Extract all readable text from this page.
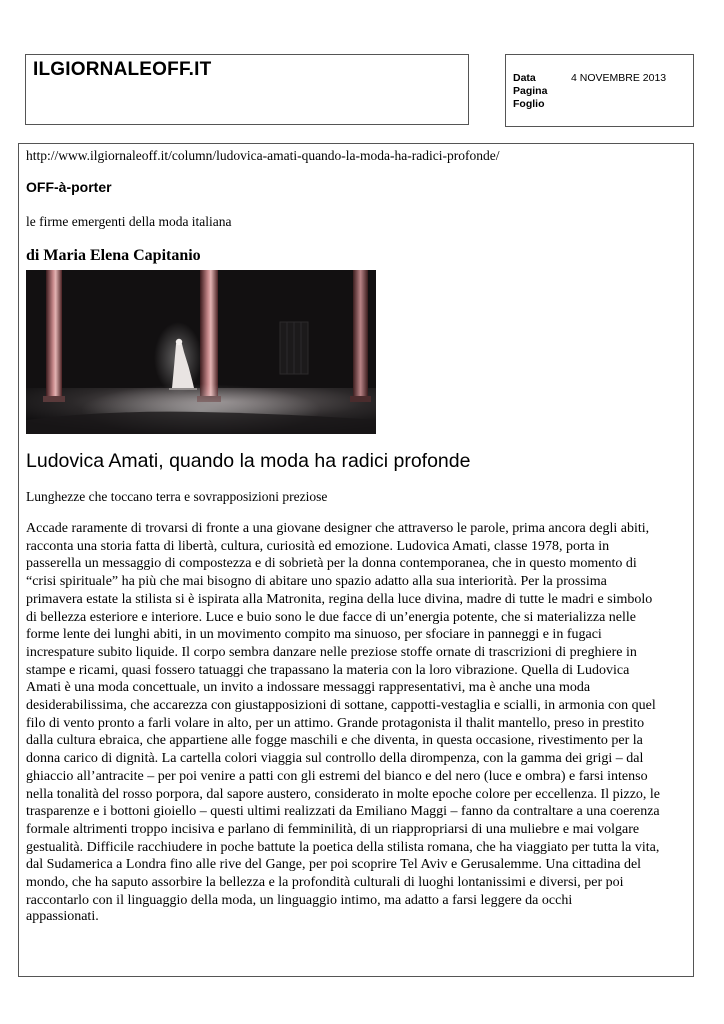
ILGIORNALEOFF.IT	Data	4 NOVEMBRE 2013
Pagina
Foglio
http://www.ilgiornaleoff.it/column/ludovica-amati-quando-la-moda-ha-radici-profonde/
OFF-à-porter
le firme emergenti della moda italiana
di Maria Elena Capitanio
Ludovica Amati, quando la moda ha radici profonde
Lunghezze che toccano terra e sovrapposizioni preziose
Accade raramente di trovarsi di fronte a una giovane designer che attraverso le parole, prima ancora degli abiti,
racconta una storia fatta di libertà, cultura, curiosità ed emozione. Ludovica Amati, classe 1978, porta in
passerella un messaggio di compostezza e di sobrietà per la donna contemporanea, che in questo momento di
“crisi spirituale” ha più che mai bisogno di abitare uno spazio adatto alla sua interiorità. Per la prossima
primavera estate la stilista si è ispirata alla Matronita, regina della luce divina, madre di tutte le madri e simbolo
di bellezza esteriore e interiore. Luce e buio sono le due facce di un’energia potente, che si materializza nelle
forme lente dei lunghi abiti, in un movimento compito ma sinuoso, per sfociare in panneggi e in fugaci
increspature subito liquide. Il corpo sembra danzare nelle preziose stoffe ornate di trascrizioni di preghiere in
stampe e ricami, quasi fossero tatuaggi che trapassano la materia con la loro vibrazione. Quella di Ludovica
Amati è una moda concettuale, un invito a indossare messaggi rappresentativi, ma è anche una moda
desiderabilissima, che accarezza con giustapposizioni di sottane, cappotti-vestaglia e scialli, in armonia con quel
filo di vento pronto a farli volare in alto, per un attimo. Grande protagonista il thalit mantello, preso in prestito
dalla cultura ebraica, che appartiene alle fogge maschili e che diventa, in questa occasione, rivestimento per la
donna carico di dignità. La cartella colori viaggia sul controllo della dirompenza, con la gamma dei grigi – dal
ghiaccio all’antracite – per poi venire a patti con gli estremi del bianco e del nero (luce e ombra) e farsi intenso
nella tonalità del rosso porpora, dal sapore austero, considerato in molte epoche colore per eccellenza. Il pizzo, le
trasparenze e i bottoni gioiello – questi ultimi realizzati da Emiliano Maggi – fanno da contraltare a una coerenza
formale altrimenti troppo incisiva e parlano di femminilità, di un riappropriarsi di una muliebre e mai volgare
gestualità. Difficile racchiudere in poche battute la poetica della stilista romana, che ha viaggiato per tutta la vita,
dal Sudamerica a Londra fino alle rive del Gange, per poi scoprire Tel Aviv e Gerusalemme. Una cittadina del
mondo, che ha saputo assorbire la bellezza e la profondità culturali di luoghi lontanissimi e diversi, per poi
raccontarlo con il linguaggio della moda, un linguaggio intimo, ma adatto a farsi leggere da occhi
appassionati.
